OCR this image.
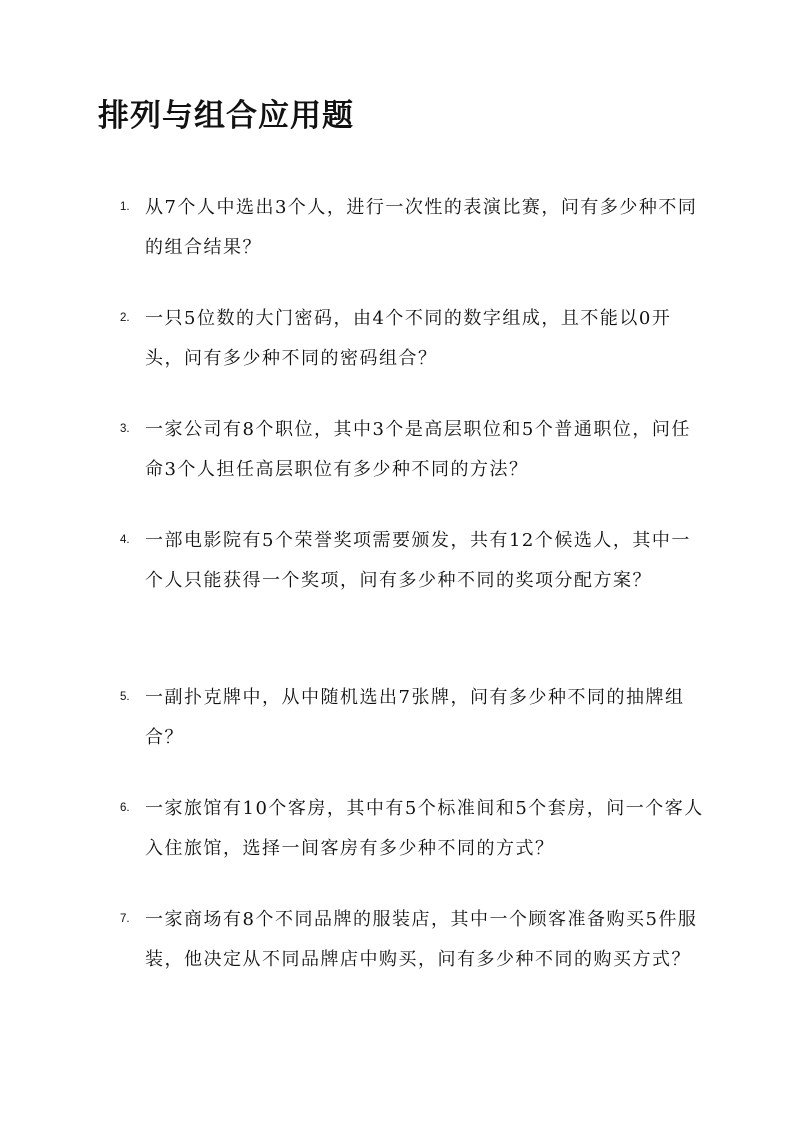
排列与组合应用题
1. 从7个人中选出3个人，进行一次性的表演比赛，问有多少种不同的组合结果？
2. 一只5位数的大门密码，由4个不同的数字组成，且不能以0开头，问有多少种不同的密码组合？
3. 一家公司有8个职位，其中3个是高层职位和5个普通职位，问任命3个人担任高层职位有多少种不同的方法？
4. 一部电影院有5个荣誉奖项需要颁发，共有12个候选人，其中一个人只能获得一个奖项，问有多少种不同的奖项分配方案？
5. 一副扑克牌中，从中随机选出7张牌，问有多少种不同的抽牌组合？
6. 一家旅馆有10个客房，其中有5个标准间和5个套房，问一个客人入住旅馆，选择一间客房有多少种不同的方式？
7. 一家商场有8个不同品牌的服装店，其中一个顾客准备购买5件服装，他决定从不同品牌店中购买，问有多少种不同的购买方式？
